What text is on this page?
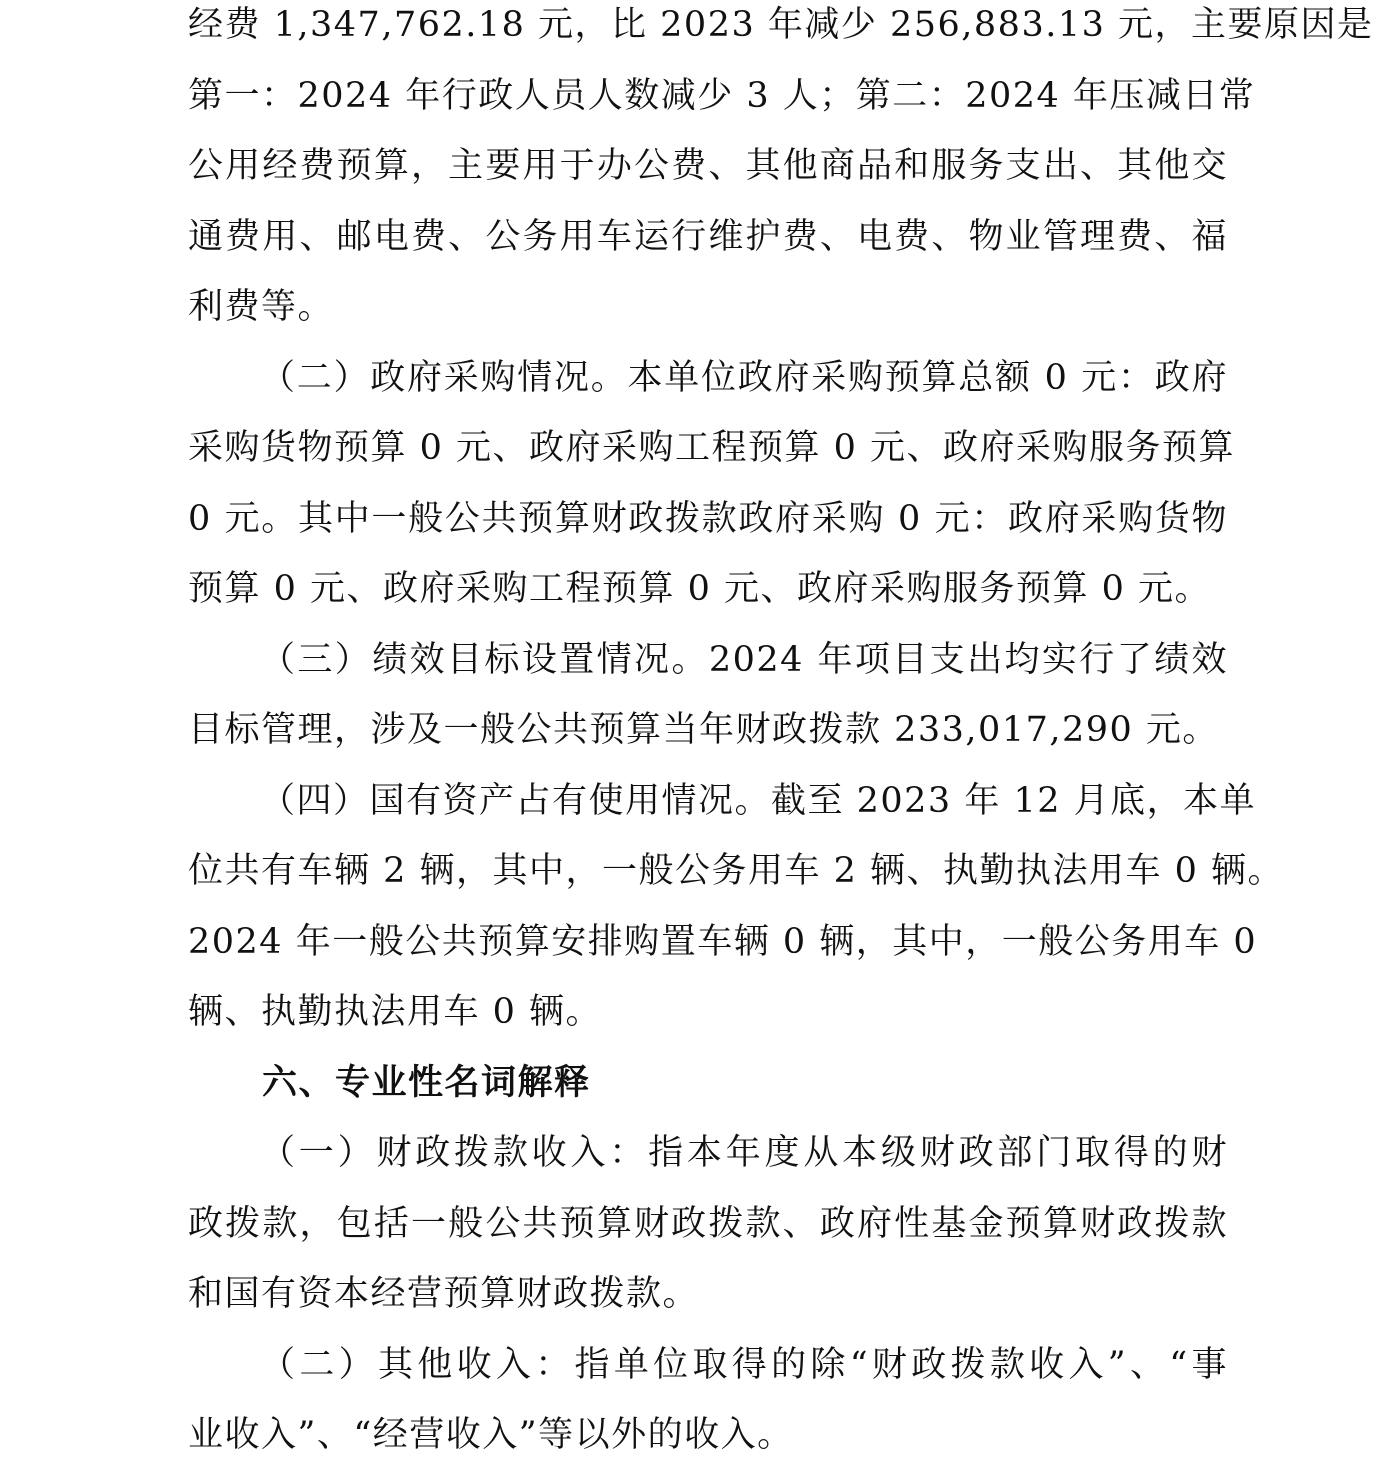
经费 1,347,762.18 元，比 2023 年减少 256,883.13 元，主要原因是
第一：2024 年行政人员人数减少 3 人；第二：2024 年压减日常
公用经费预算，主要用于办公费、其他商品和服务支出、其他交
通费用、邮电费、公务用车运行维护费、电费、物业管理费、福
利费等。

（二）政府采购情况。本单位政府采购预算总额 0 元：政府
采购货物预算 0 元、政府采购工程预算 0 元、政府采购服务预算
0 元。其中一般公共预算财政拨款政府采购 0 元：政府采购货物
预算 0 元、政府采购工程预算 0 元、政府采购服务预算 0 元。

（三）绩效目标设置情况。2024 年项目支出均实行了绩效
目标管理，涉及一般公共预算当年财政拨款 233,017,290 元。

（四）国有资产占有使用情况。截至 2023 年 12 月底，本单
位共有车辆 2 辆，其中，一般公务用车 2 辆、执勤执法用车 0 辆。
2024 年一般公共预算安排购置车辆 0 辆，其中，一般公务用车 0
辆、执勤执法用车 0 辆。

六、专业性名词解释

（一）财政拨款收入：指本年度从本级财政部门取得的财
政拨款，包括一般公共预算财政拨款、政府性基金预算财政拨款
和国有资本经营预算财政拨款。

（二）其他收入：指单位取得的除“财政拨款收入”、“事
业收入”、“经营收入”等以外的收入。
